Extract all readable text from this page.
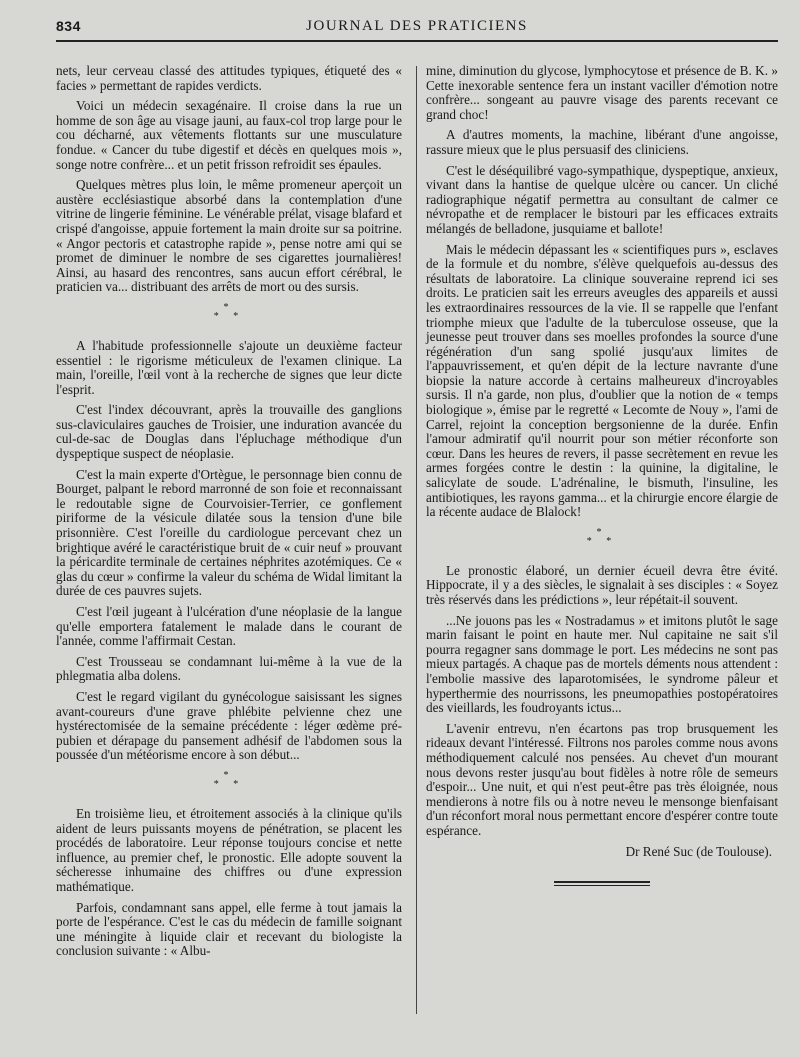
834	JOURNAL DES PRATICIENS

nets, leur cerveau classé des attitudes typiques, étiqueté des « facies » permettant de rapides verdicts.

Voici un médecin sexagénaire. Il croise dans la rue un homme de son âge au visage jauni, au faux-col trop large pour le cou décharné, aux vêtements flottants sur une musculature fondue. « Cancer du tube digestif et décès en quelques mois », songe notre confrère... et un petit frisson refroidit ses épaules.

Quelques mètres plus loin, le même promeneur aperçoit un austère ecclésiastique absorbé dans la contemplation d'une vitrine de lingerie féminine. Le vénérable prélat, visage blafard et crispé d'angoisse, appuie fortement la main droite sur sa poitrine. « Angor pectoris et catastrophe rapide », pense notre ami qui se promet de diminuer le nombre de ses cigarettes journalières! Ainsi, au hasard des rencontres, sans aucun effort cérébral, le praticien va... distribuant des arrêts de mort ou des sursis.

*
* *

A l'habitude professionnelle s'ajoute un deuxième facteur essentiel : le rigorisme méticuleux de l'examen clinique. La main, l'oreille, l'œil vont à la recherche de signes que leur dicte l'esprit.

C'est l'index découvrant, après la trouvaille des ganglions sus-claviculaires gauches de Troisier, une induration avancée du cul-de-sac de Douglas dans l'épluchage méthodique d'un dyspeptique suspect de néoplasie.

C'est la main experte d'Ortègue, le personnage bien connu de Bourget, palpant le rebord marronné de son foie et reconnaissant le redoutable signe de Courvoisier-Terrier, ce gonflement piriforme de la vésicule dilatée sous la tension d'une bile prisonnière. C'est l'oreille du cardiologue percevant chez un brightique avéré le caractéristique bruit de « cuir neuf » prouvant la péricardite terminale de certaines néphrites azotémiques. Ce « glas du cœur » confirme la valeur du schéma de Widal limitant la durée de ces pauvres sujets.

C'est l'œil jugeant à l'ulcération d'une néoplasie de la langue qu'elle emportera fatalement le malade dans le courant de l'année, comme l'affirmait Cestan.

C'est Trousseau se condamnant lui-même à la vue de la phlegmatia alba dolens.

C'est le regard vigilant du gynécologue saisissant les signes avant-coureurs d'une grave phlébite pelvienne chez une hystérectomisée de la semaine précédente : léger œdème pré-pubien et dérapage du pansement adhésif de l'abdomen sous la poussée d'un météorisme encore à son début...

*
* *

En troisième lieu, et étroitement associés à la clinique qu'ils aident de leurs puissants moyens de pénétration, se placent les procédés de laboratoire. Leur réponse toujours concise et nette influence, au premier chef, le pronostic. Elle adopte souvent la sécheresse inhumaine des chiffres ou d'une expression mathématique.

Parfois, condamnant sans appel, elle ferme à tout jamais la porte de l'espérance. C'est le cas du médecin de famille soignant une méningite à liquide clair et recevant du biologiste la conclusion suivante : « Albu-

mine, diminution du glycose, lymphocytose et présence de B. K. » Cette inexorable sentence fera un instant vaciller d'émotion notre confrère... songeant au pauvre visage des parents recevant ce grand choc!

A d'autres moments, la machine, libérant d'une angoisse, rassure mieux que le plus persuasif des cliniciens.

C'est le déséquilibré vago-sympathique, dyspeptique, anxieux, vivant dans la hantise de quelque ulcère ou cancer. Un cliché radiographique négatif permettra au consultant de calmer ce névropathe et de remplacer le bistouri par les efficaces extraits mélangés de belladone, jusquiame et ballote!

Mais le médecin dépassant les « scientifiques purs », esclaves de la formule et du nombre, s'élève quelquefois au-dessus des résultats de laboratoire. La clinique souveraine reprend ici ses droits. Le praticien sait les erreurs aveugles des appareils et aussi les extraordinaires ressources de la vie. Il se rappelle que l'enfant triomphe mieux que l'adulte de la tuberculose osseuse, que la jeunesse peut trouver dans ses moelles profondes la source d'une régénération d'un sang spolié jusqu'aux limites de l'appauvrissement, et qu'en dépit de la lecture navrante d'une biopsie la nature accorde à certains malheureux d'incroyables sursis. Il n'a garde, non plus, d'oublier que la notion de « temps biologique », émise par le regretté « Lecomte de Nouy », l'ami de Carrel, rejoint la conception bergsonienne de la durée. Enfin l'amour admiratif qu'il nourrit pour son métier réconforte son cœur. Dans les heures de revers, il passe secrètement en revue les armes forgées contre le destin : la quinine, la digitaline, le salicylate de soude. L'adrénaline, le bismuth, l'insuline, les antibiotiques, les rayons gamma... et la chirurgie encore élargie de la récente audace de Blalock!

*
* *

Le pronostic élaboré, un dernier écueil devra être évité. Hippocrate, il y a des siècles, le signalait à ses disciples : « Soyez très réservés dans les prédictions », leur répétait-il souvent.

...Ne jouons pas les « Nostradamus » et imitons plutôt le sage marin faisant le point en haute mer. Nul capitaine ne sait s'il pourra regagner sans dommage le port. Les médecins ne sont pas mieux partagés. A chaque pas de mortels déments nous attendent : l'embolie massive des laparotomisées, le syndrome pâleur et hyperthermie des nourrissons, les pneumopathies postopératoires des vieillards, les foudroyants ictus...

L'avenir entrevu, n'en écartons pas trop brusquement les rideaux devant l'intéressé. Filtrons nos paroles comme nous avons méthodiquement calculé nos pensées. Au chevet d'un mourant nous devons rester jusqu'au bout fidèles à notre rôle de semeurs d'espoir... Une nuit, et qui n'est peut-être pas très éloignée, nous mendierons à notre fils ou à notre neveu le mensonge bienfaisant d'un réconfort moral nous permettant encore d'espérer contre toute espérance.

Dr René Suc (de Toulouse).
